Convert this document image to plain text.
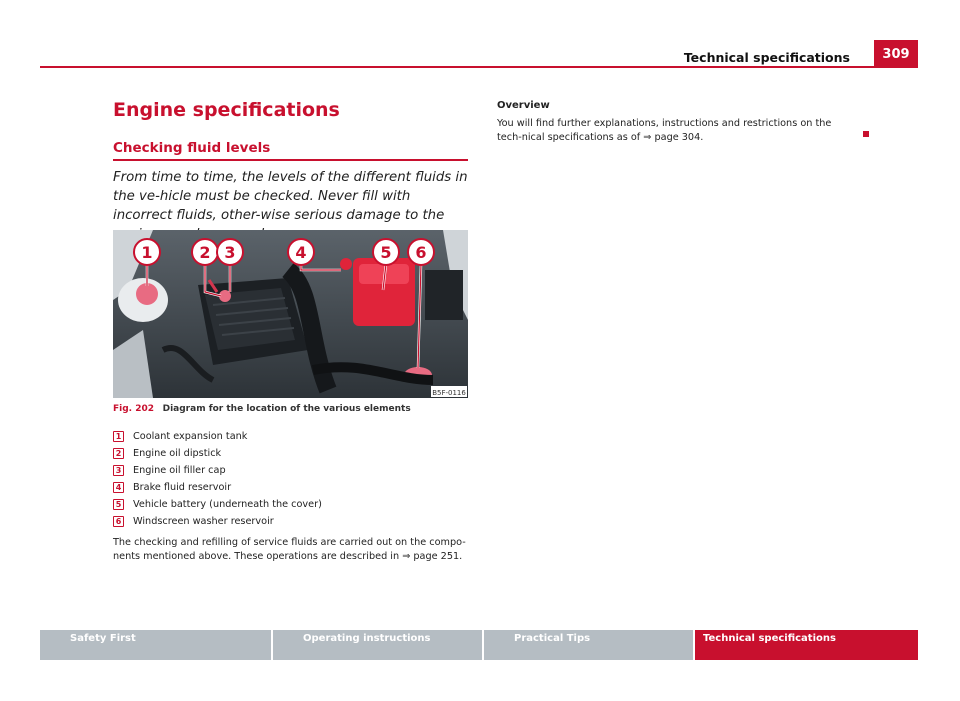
Technical specifications	309
Engine specifications
Checking fluid levels

From time to time, the levels of the different fluids in the ve-hicle must be checked. Never fill with incorrect fluids, other-wise serious damage to the

1	2 3	4	5 6
B5F-0116
Fig. 202 Diagram for the location of the various elements
1 Coolant expansion tank
2 Engine oil dipstick
3 Engine oil filler cap
4 Brake fluid reservoir
5 Vehicle battery (underneath the cover)
6 Windscreen washer reservoir

The checking and refilling of service fluids are carried out on the compo-nents mentioned above. These operations are described in ⇒ page 251.

Overview

You will find further explanations, instructions and restrictions on the tech-nical specifications as of ⇒ page 304.

Safety First	Operating instructions	Practical Tips	Technical specifications
